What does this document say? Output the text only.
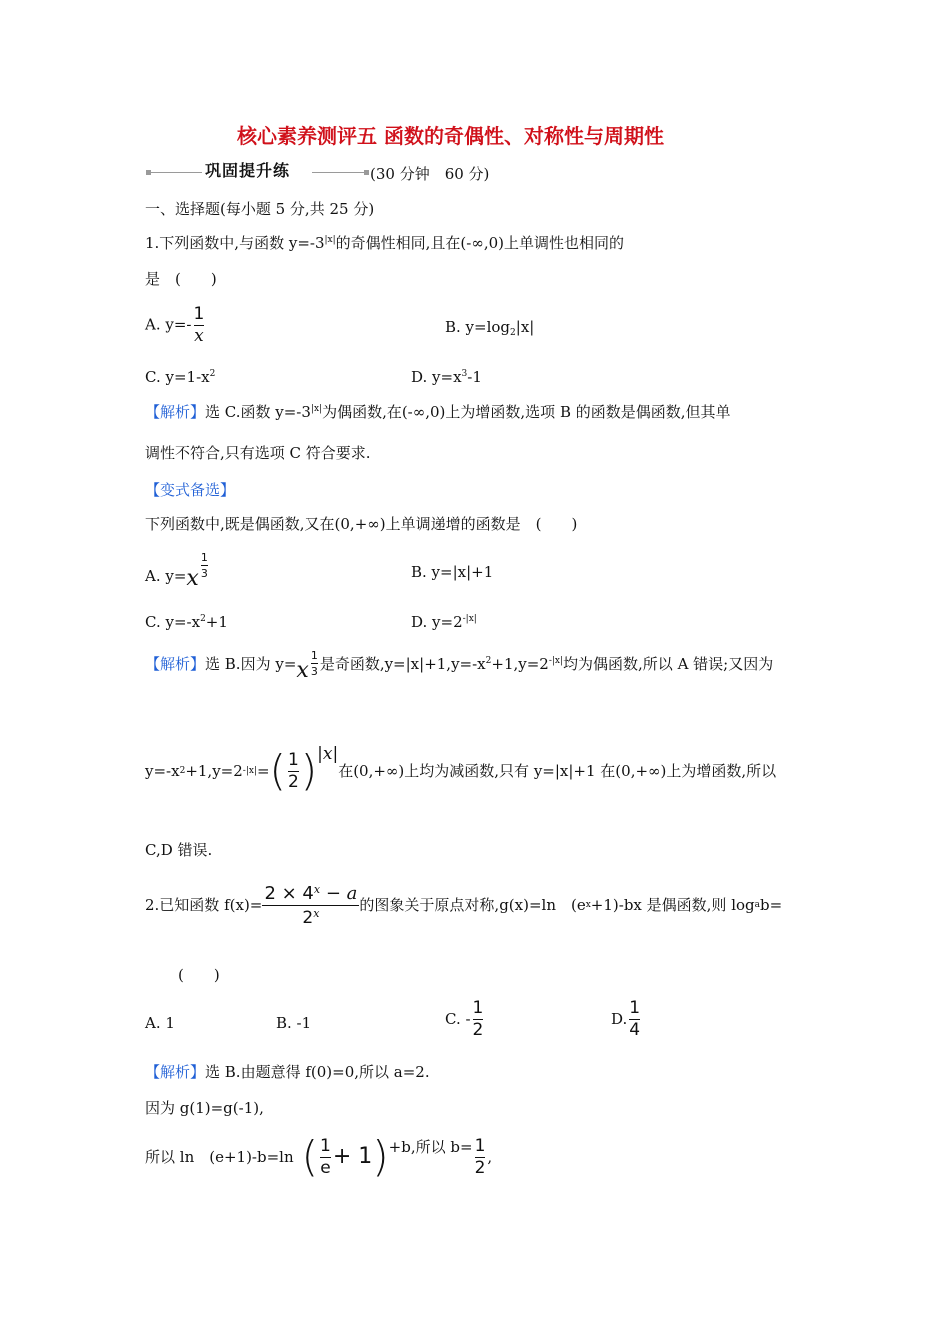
核心素养测评五 函数的奇偶性、对称性与周期性
巩固提升练	(30 分钟　60 分)
一、选择题(每小题 5 分,共 25 分)
1.下列函数中,与函数 $y=-3^{|x|}$的奇偶性相同,且在(-∞,0)上单调性也相同的
是　(　　)
A. $y=- \frac{1}{x}$	B. $y=\log_2|x|$
C. $y=1-x^2$	D. $y=x^3-1$
【解析】选 C.函数 $y=-3^{|x|}$为偶函数,在(-∞,0)上为增函数,选项 B 的函数是偶函数,但其单
调性不符合,只有选项 C 符合要求.
【变式备选】
下列函数中,既是偶函数,又在(0,+∞)上单调递增的函数是　(　　)
A. $y=x \frac{1}{3}$	B. y=|x|+1
C. $y=-x^2+1$	D. $y=2^{-|x|}$
【解析】选 B.因为 $y=x \frac{1}{3}$ 是奇函数$,y=|x|+1,y=-x^2+1,y=2^{-|x|}$均为偶函数,所以 A 错误;又因为
y=-x 2 +1,y=2 -|x| = ( $\frac{1}{2}$ ) |x|
在(0,+∞)上均为减函数,只有 y=|x|+1 在(0,+∞)上为增函数,所以
C,D 错误.
2.已知函数 $f(x)= \frac{2 \times 4^x - a}{2^x}$ 的图象关于原点对称,g(x)=ln　(e x +1)-bx 是偶函数,则 log a b=
(　　)
A. 1	B. -1	C. - $\frac{1}{2}$	D. $\frac{1}{4}$
【解析】选 B.由题意得 f(0)=0,所以 a=2.
因为 g(1)=g(-1),
所以 ln　(e+1)-b=ln ( $\frac{1}{e} + 1$ ) +b,所以 $b= \frac{1}{2}$ ,
